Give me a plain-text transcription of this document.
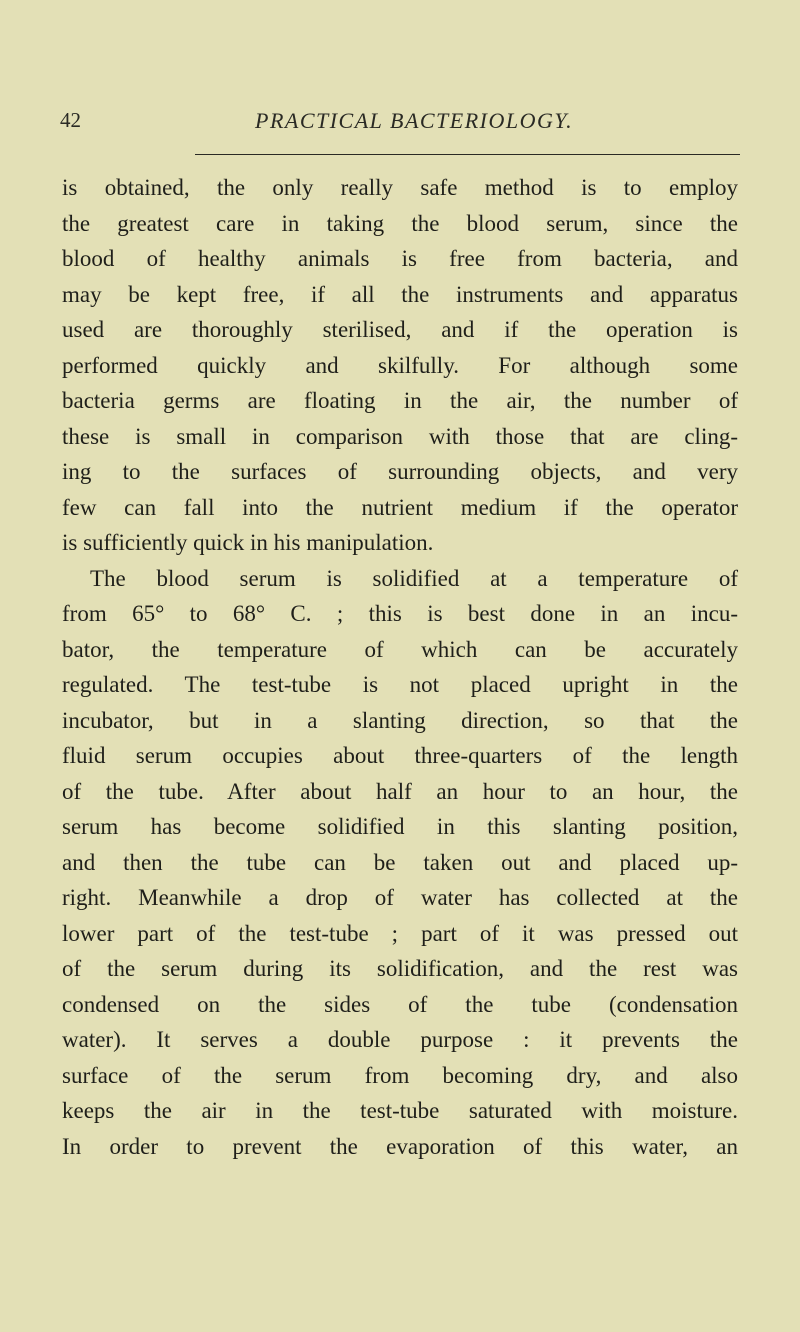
42	PRACTICAL BACTERIOLOGY.
is obtained, the only really safe method is to employ
the greatest care in taking the blood serum, since the
blood of healthy animals is free from bacteria, and
may be kept free, if all the instruments and apparatus
used are thoroughly sterilised, and if the operation is
performed quickly and skilfully. For although some
bacteria germs are floating in the air, the number of
these is small in comparison with those that are cling-
ing to the surfaces of surrounding objects, and very
few can fall into the nutrient medium if the operator
is sufficiently quick in his manipulation.
The blood serum is solidified at a temperature of
from 65° to 68° C. ; this is best done in an incu-
bator, the temperature of which can be accurately
regulated. The test-tube is not placed upright in the
incubator, but in a slanting direction, so that the
fluid serum occupies about three-quarters of the length
of the tube. After about half an hour to an hour, the
serum has become solidified in this slanting position,
and then the tube can be taken out and placed up-
right. Meanwhile a drop of water has collected at the
lower part of the test-tube ; part of it was pressed out
of the serum during its solidification, and the rest was
condensed on the sides of the tube (condensation
water). It serves a double purpose : it prevents the
surface of the serum from becoming dry, and also
keeps the air in the test-tube saturated with moisture.
In order to prevent the evaporation of this water, an
